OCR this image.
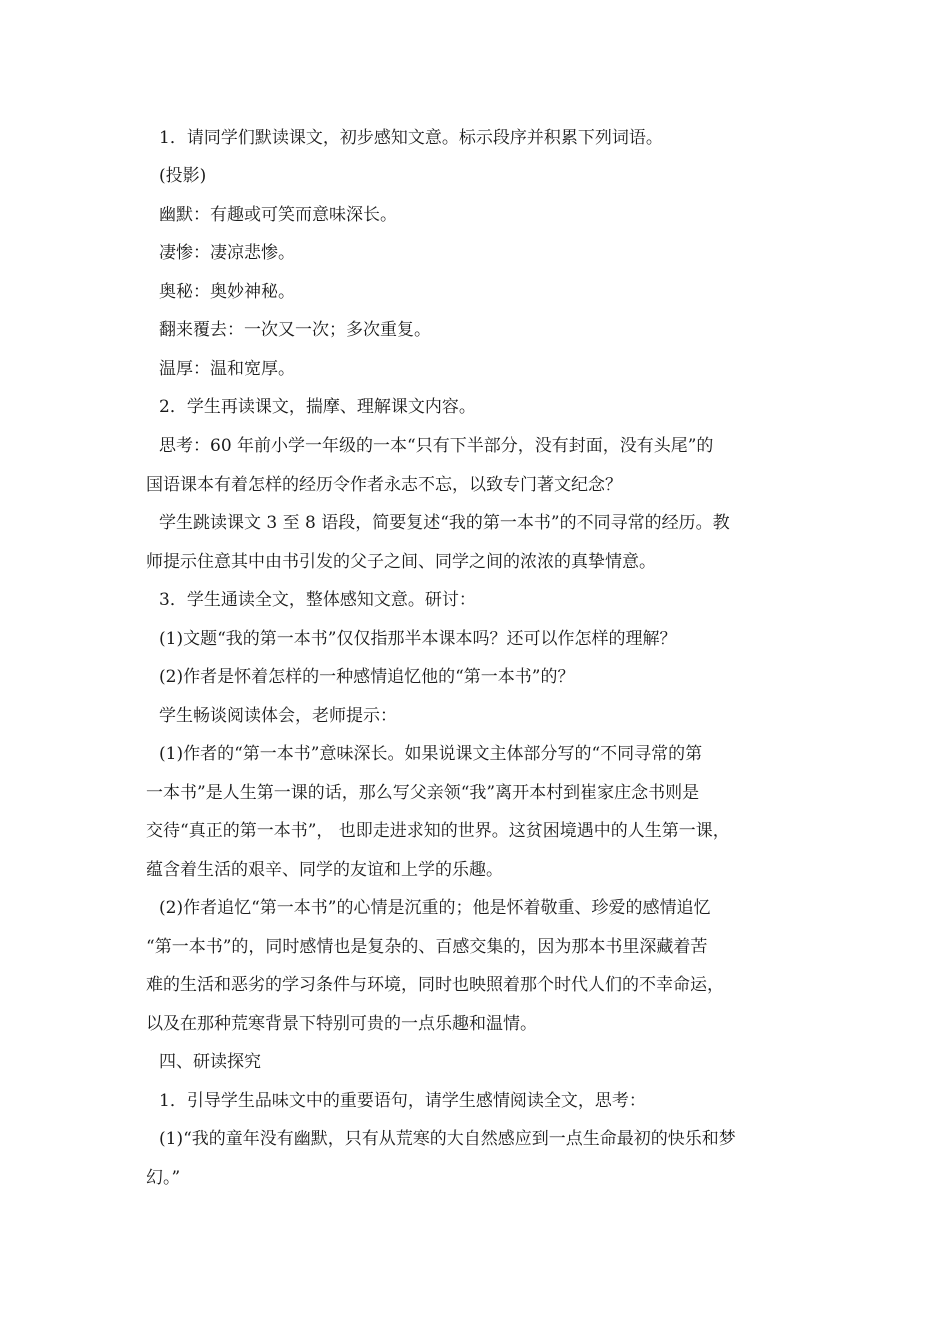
1．请同学们默读课文，初步感知文意。标示段序并积累下列词语。

(投影)

幽默：有趣或可笑而意味深长。

凄惨：凄凉悲惨。

奥秘：奥妙神秘。

翻来覆去：一次又一次；多次重复。

温厚：温和宽厚。

2．学生再读课文，揣摩、理解课文内容。

思考：60 年前小学一年级的一本“只有下半部分，没有封面，没有头尾”的
国语课本有着怎样的经历令作者永志不忘，以致专门著文纪念？

学生跳读课文 3 至 8 语段，简要复述“我的第一本书”的不同寻常的经历。教
师提示住意其中由书引发的父子之间、同学之间的浓浓的真挚情意。

3．学生通读全文，整体感知文意。研讨：

(1)文题“我的第一本书”仅仅指那半本课本吗？还可以作怎样的理解？

(2)作者是怀着怎样的一种感情追忆他的“第一本书”的？

学生畅谈阅读体会，老师提示：

(1)作者的“第一本书”意味深长。如果说课文主体部分写的“不同寻常的第
一本书”是人生第一课的话，那么写父亲领“我”离开本村到崔家庄念书则是
交待“真正的第一本书”， 也即走进求知的世界。这贫困境遇中的人生第一课，
蕴含着生活的艰辛、同学的友谊和上学的乐趣。

(2)作者追忆“第一本书”的心情是沉重的；他是怀着敬重、珍爱的感情追忆
“第一本书”的，同时感情也是复杂的、百感交集的，因为那本书里深藏着苦
难的生活和恶劣的学习条件与环境，同时也映照着那个时代人们的不幸命运，
以及在那种荒寒背景下特别可贵的一点乐趣和温情。

四、研读探究

1．引导学生品味文中的重要语句，请学生感情阅读全文，思考：

(1)“我的童年没有幽默，只有从荒寒的大自然感应到一点生命最初的快乐和梦
幻。”
